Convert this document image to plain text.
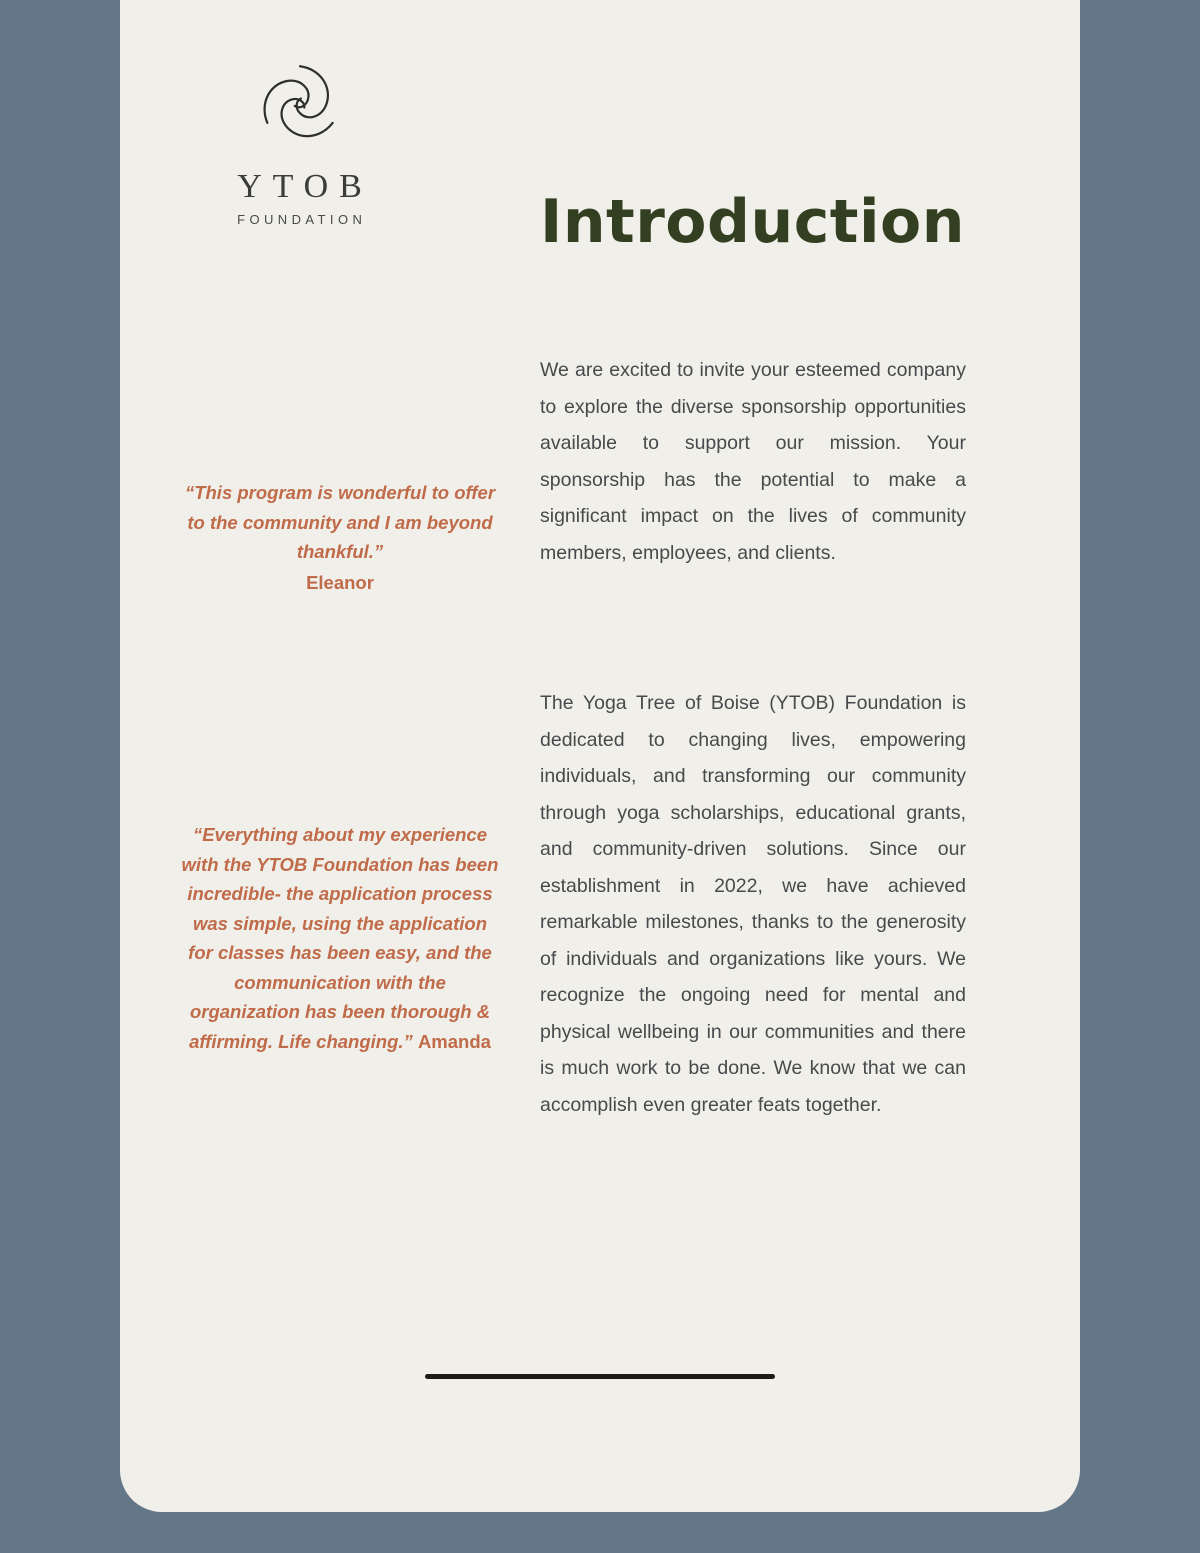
YTOB
FOUNDATION	Introduction
We are excited to invite your esteemed company to explore the diverse sponsorship opportunities available to support our mission. Your sponsorship has the potential to make a significant impact on the lives of community members, employees, and clients.
The Yoga Tree of Boise (YTOB) Foundation is dedicated to changing lives, empowering individuals, and transforming our community through yoga scholarships, educational grants, and community-driven solutions. Since our establishment in 2022, we have achieved remarkable milestones, thanks to the generosity of individuals and organizations like yours. We recognize the ongoing need for mental and physical wellbeing in our communities and there is much work to be done. We know that we can accomplish even greater feats together.
“This program is wonderful to offer to the community and I am beyond thankful.”
Eleanor
“Everything about my experience with the YTOB Foundation has been incredible- the application process was simple, using the application for classes has been easy, and the communication with the organization has been thorough & affirming. Life changing.” Amanda
